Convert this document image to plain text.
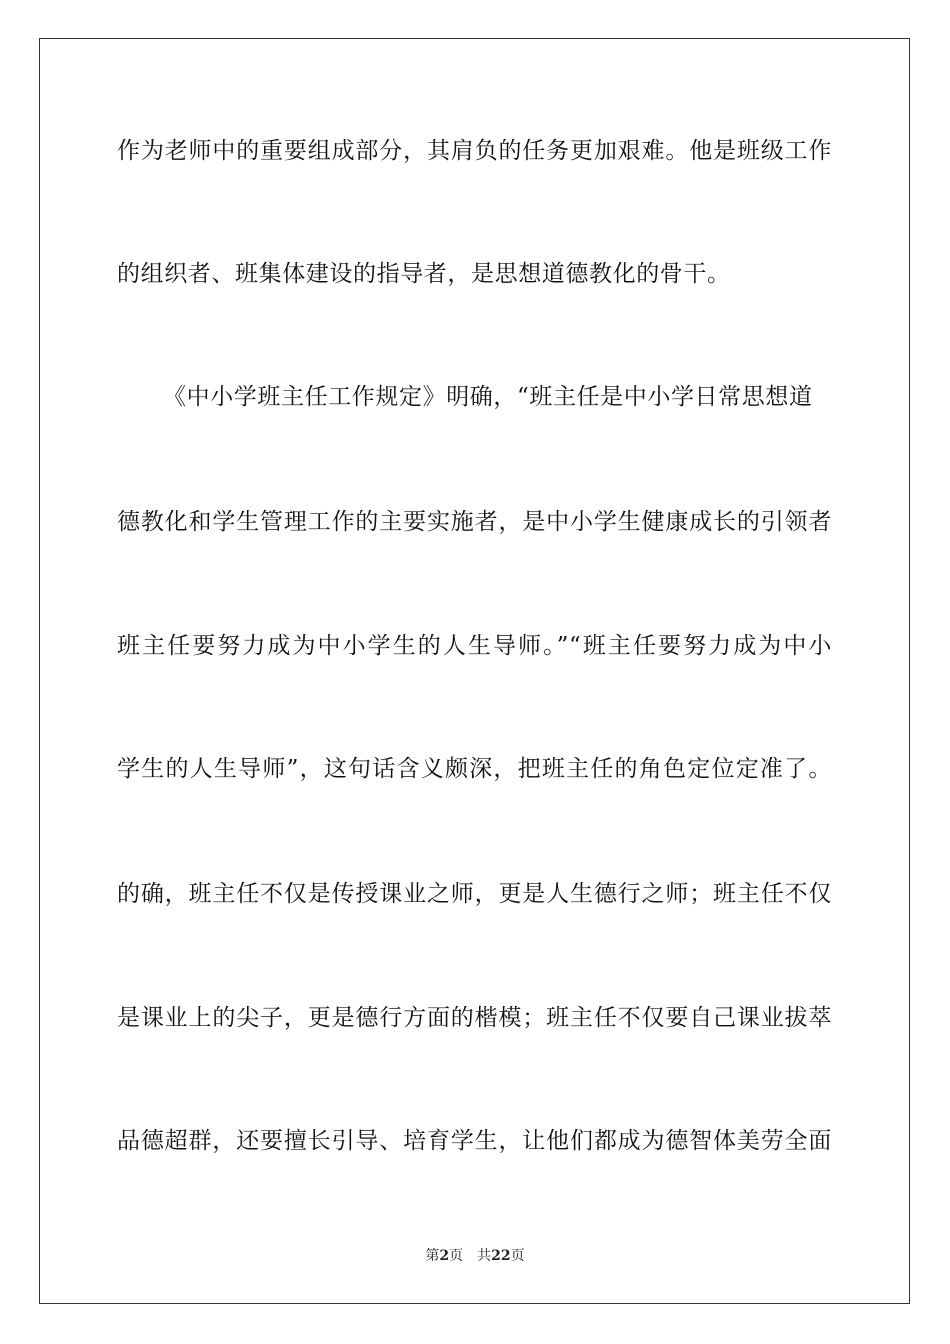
作为老师中的重要组成部分，其肩负的任务更加艰难。他是班级工作
的组织者、班集体建设的指导者，是思想道德教化的骨干。
《中小学班主任工作规定》明确，“班主任是中小学日常思想道
德教化和学生管理工作的主要实施者，是中小学生健康成长的引领者
班主任要努力成为中小学生的人生导师。”“班主任要努力成为中小
学生的人生导师”，这句话含义颇深，把班主任的角色定位定准了。
的确，班主任不仅是传授课业之师，更是人生德行之师；班主任不仅
是课业上的尖子，更是德行方面的楷模；班主任不仅要自己课业拔萃
品德超群，还要擅长引导、培育学生，让他们都成为德智体美劳全面
第2页 共22页
